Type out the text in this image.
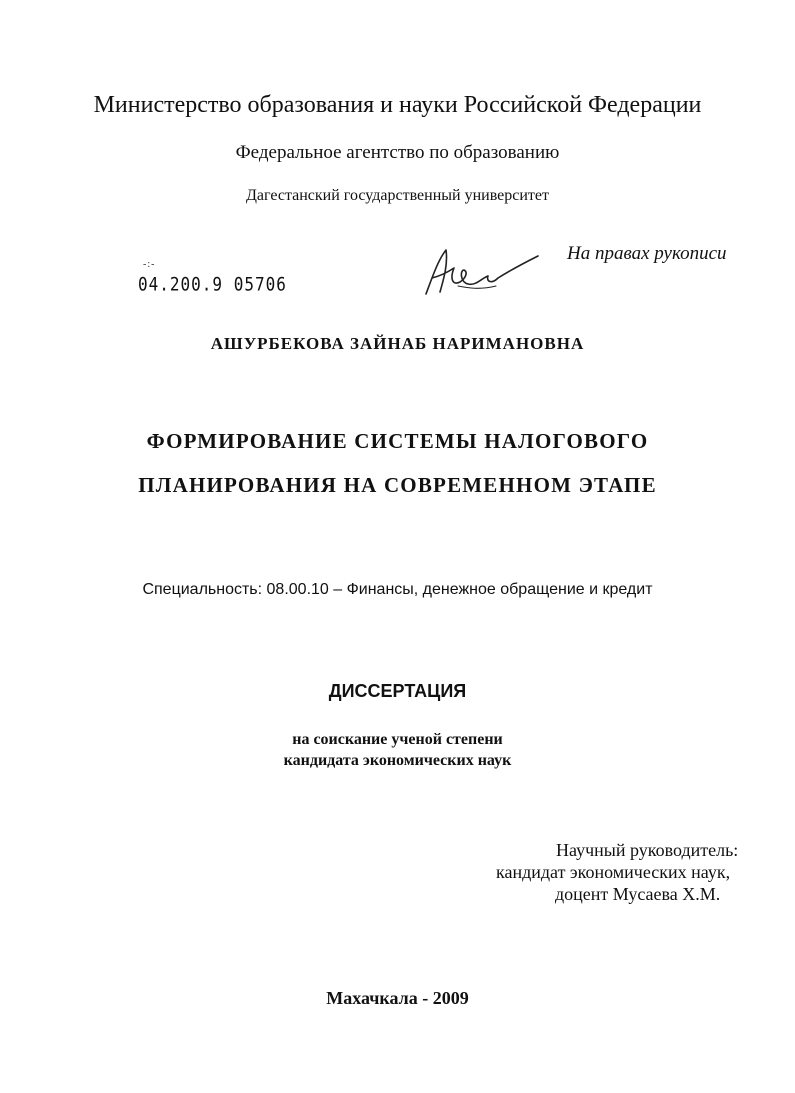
Министерство образования и науки Российской Федерации
Федеральное агентство по образованию
Дагестанский государственный университет
-:-
04.200.9 05706
На правах рукописи
АШУРБЕКОВА ЗАЙНАБ НАРИМАНОВНА
ФОРМИРОВАНИЕ СИСТЕМЫ НАЛОГОВОГО
ПЛАНИРОВАНИЯ НА СОВРЕМЕННОМ ЭТАПЕ
Специальность: 08.00.10 – Финансы, денежное обращение и кредит
ДИССЕРТАЦИЯ
на соискание ученой степени
кандидата экономических наук
Научный руководитель:
кандидат экономических наук,
доцент Мусаева Х.М.
Махачкала - 2009
